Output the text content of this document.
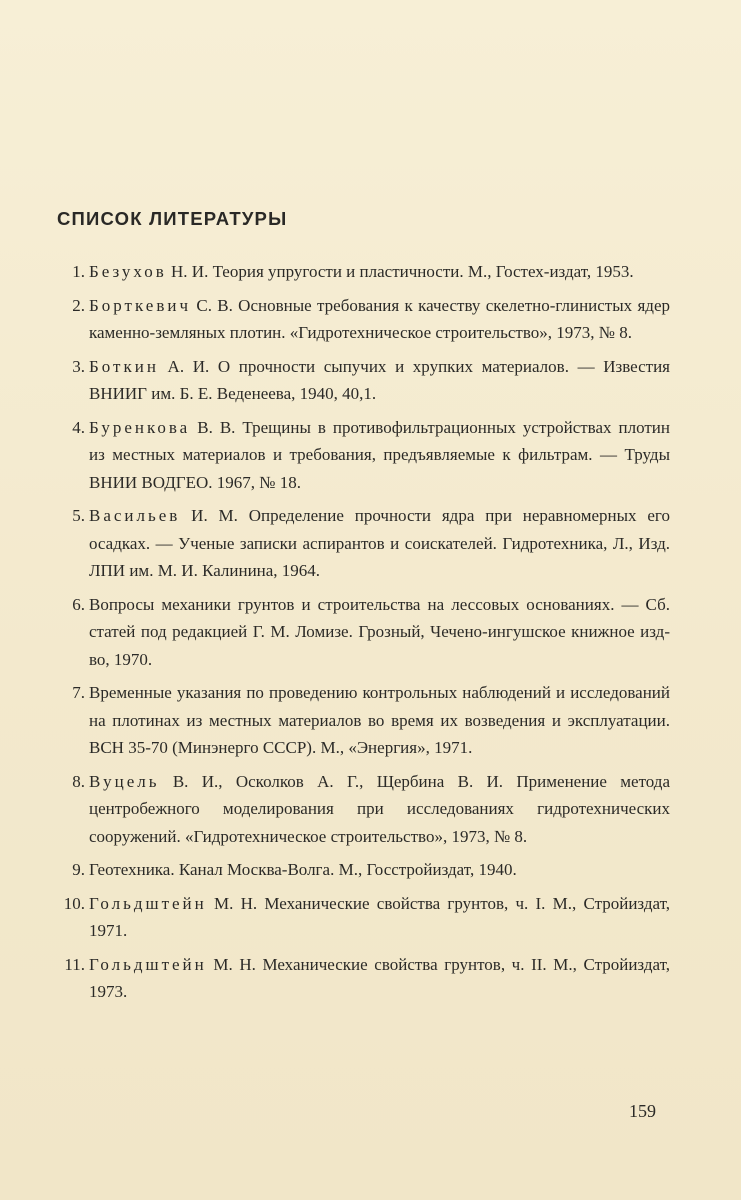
СПИСОК ЛИТЕРАТУРЫ
1. Безухов Н. И. Теория упругости и пластичности. М., Гостех-издат, 1953.
2. Борткевич С. В. Основные требования к качеству скелетно-глинистых ядер каменно-земляных плотин. «Гидротехническое строительство», 1973, № 8.
3. Боткин А. И. О прочности сыпучих и хрупких материалов. — Известия ВНИИГ им. Б. Е. Веденеева, 1940, 40,1.
4. Буренкова В. В. Трещины в противофильтрационных устройствах плотин из местных материалов и требования, предъявляемые к фильтрам. — Труды ВНИИ ВОДГЕО. 1967, № 18.
5. Васильев И. М. Определение прочности ядра при неравномерных его осадках. — Ученые записки аспирантов и соискателей. Гидротехника, Л., Изд. ЛПИ им. М. И. Калинина, 1964.
6. Вопросы механики грунтов и строительства на лессовых основаниях. — Сб. статей под редакцией Г. М. Ломизе. Грозный, Чечено-ингушское книжное изд-во, 1970.
7. Временные указания по проведению контрольных наблюдений и исследований на плотинах из местных материалов во время их возведения и эксплуатации. ВСН 35-70 (Минэнерго СССР). М., «Энергия», 1971.
8. Вуцель В. И., Осколков А. Г., Щербина В. И. Применение метода центробежного моделирования при исследованиях гидротехнических сооружений. «Гидротехническое строительство», 1973, № 8.
9. Геотехника. Канал Москва-Волга. М., Госстройиздат, 1940.
10. Гольдштейн М. Н. Механические свойства грунтов, ч. I. М., Стройиздат, 1971.
11. Гольдштейн М. Н. Механические свойства грунтов, ч. II. М., Стройиздат, 1973.
159
